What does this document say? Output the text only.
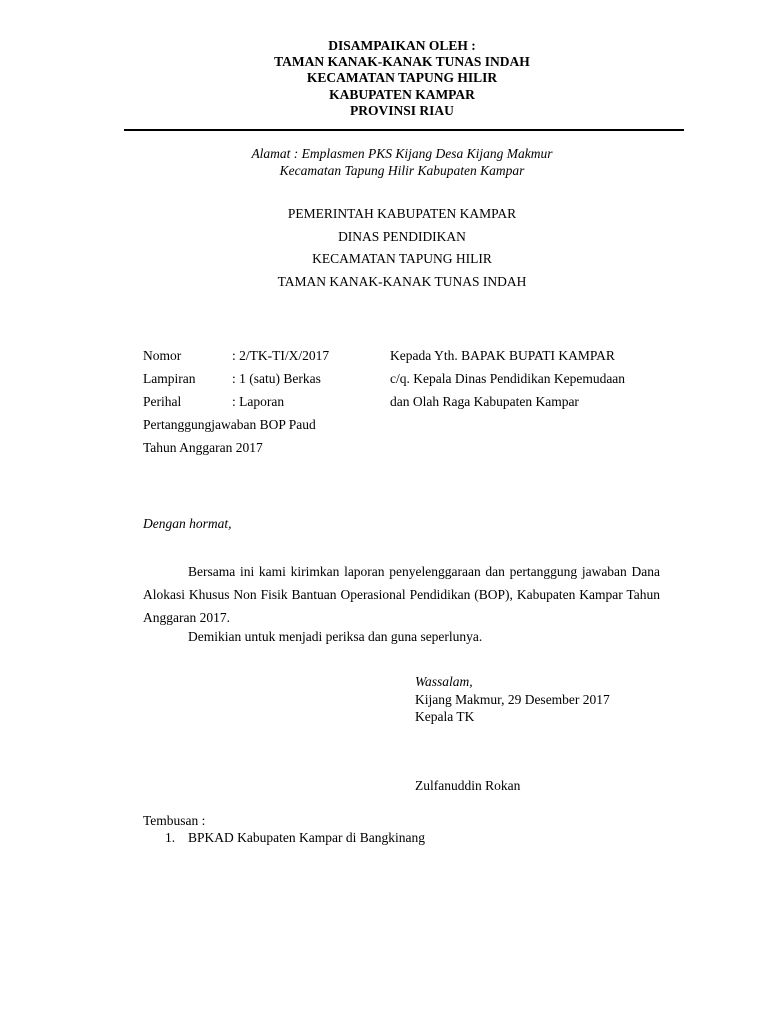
DISAMPAIKAN OLEH :
TAMAN KANAK-KANAK TUNAS INDAH
KECAMATAN TAPUNG HILIR
KABUPATEN KAMPAR
PROVINSI RIAU
Alamat : Emplasmen PKS Kijang Desa Kijang Makmur
Kecamatan Tapung Hilir Kabupaten Kampar
PEMERINTAH KABUPATEN KAMPAR
DINAS PENDIDIKAN
KECAMATAN TAPUNG HILIR
TAMAN KANAK-KANAK TUNAS INDAH
Nomor	: 2/TK-TI/X/2017
Lampiran	: 1 (satu) Berkas
Perihal	: Laporan
Pertanggungjawaban BOP Paud
Tahun Anggaran 2017
Kepada Yth. BAPAK BUPATI KAMPAR
c/q. Kepala Dinas Pendidikan Kepemudaan
dan Olah Raga Kabupaten Kampar
Dengan hormat,
Bersama ini kami kirimkan laporan penyelenggaraan dan pertanggung jawaban Dana Alokasi Khusus Non Fisik Bantuan Operasional Pendidikan (BOP), Kabupaten Kampar Tahun Anggaran 2017.
Demikian untuk menjadi periksa dan guna seperlunya.
Wassalam,
Kijang Makmur, 29 Desember 2017
Kepala TK
Zulfanuddin Rokan
Tembusan :
1. BPKAD Kabupaten Kampar di Bangkinang
